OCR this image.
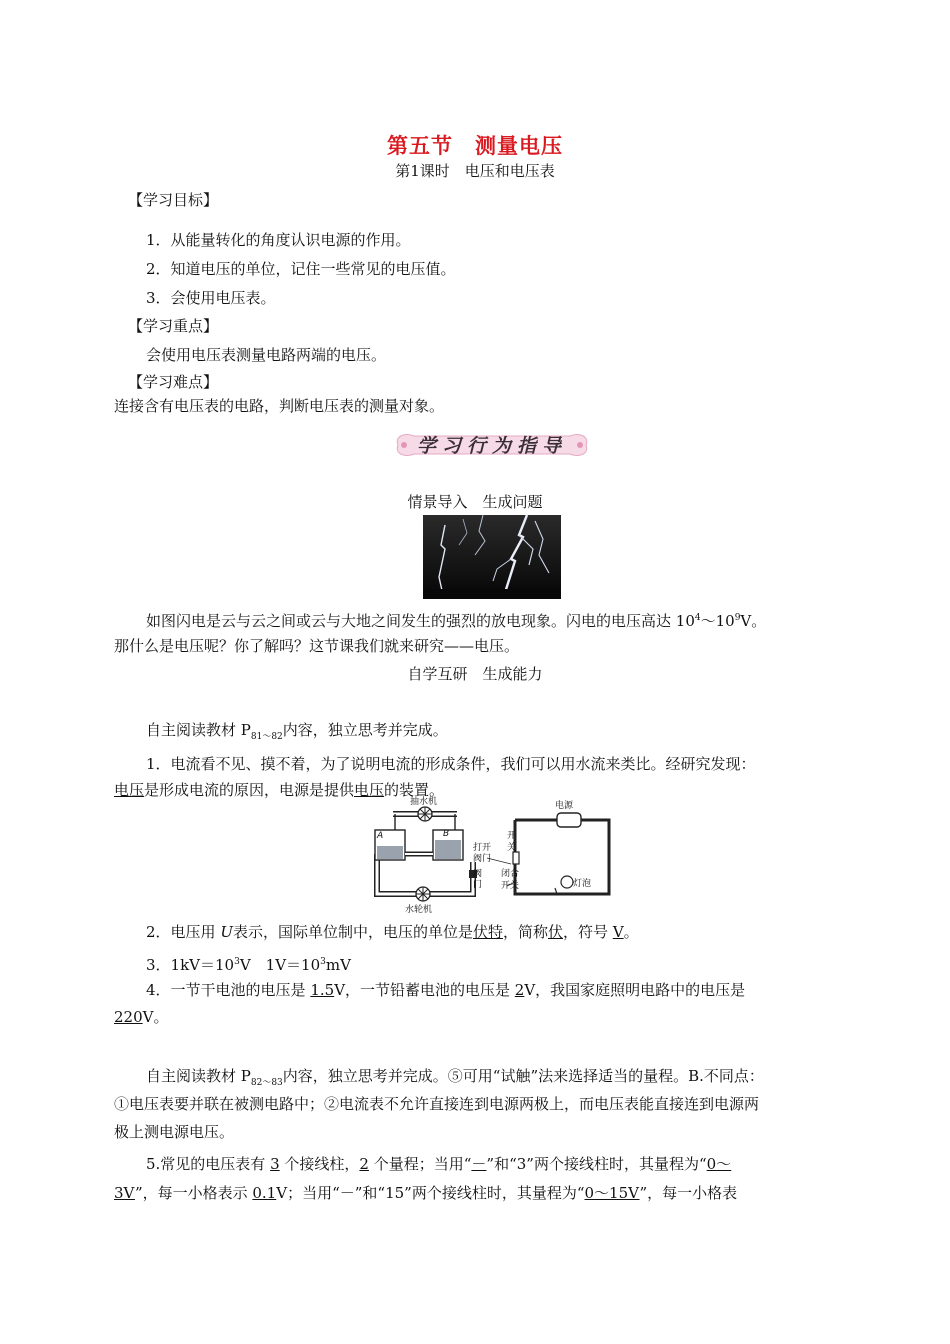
第五节　测量电压
第1课时　电压和电压表
【学习目标】
1．从能量转化的角度认识电源的作用。
2．知道电压的单位，记住一些常见的电压值。
3．会使用电压表。
【学习重点】
会使用电压表测量电路两端的电压。
【学习难点】
连接含有电压表的电路，判断电压表的测量对象。
学习行为指导
情景导入　生成问题
如图闪电是云与云之间或云与大地之间发生的强烈的放电现象。闪电的电压高达 $10^4\sim 10^9V$。
那什么是电压呢？你了解吗？这节课我们就来研究——电压。
自学互研　生成能力
自主阅读教材 $P_{81\sim 82}$内容，独立思考并完成。
1．电流看不见、摸不着，为了说明电流的形成条件，我们可以用水流来类比。经研究发现：
电压是形成电流的原因，电源是提供电压的装置。
抽水机	电源
A	B
打开
阀门
开
关
阀
门
闭合
开关	灯泡
水轮机
2．电压用 U表示，国际单位制中，电压的单位是伏特，简称伏，符号 V。
3．$1kV=10^3V$　$1V=10^3mV$
4．一节干电池的电压是 1.5V，一节铅蓄电池的电压是 2V，我国家庭照明电路中的电压是
220V。
自主阅读教材 $P_{82\sim 83}$内容，独立思考并完成。⑤可用“试触”法来选择适当的量程。B.不同点：
①电压表要并联在被测电路中；②电流表不允许直接连到电源两极上，而电压表能直接连到电源两
极上测电源电压。
5.常见的电压表有 3 个接线柱，2 个量程；当用“－”和“3”两个接线柱时，其量程为“0～
3V”，每一小格表示 0.1V；当用“－”和“15”两个接线柱时，其量程为“0～15V”，每一小格表
